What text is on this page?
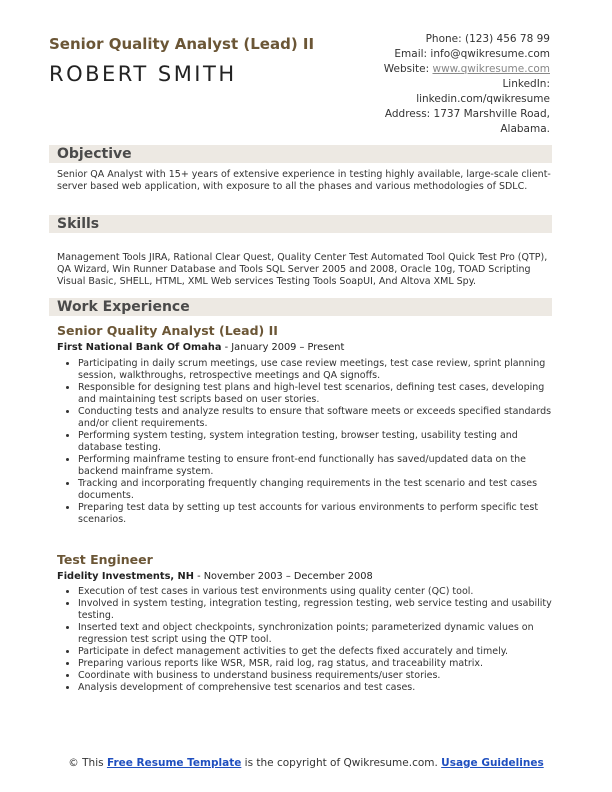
Senior Quality Analyst (Lead) II
ROBERT SMITH
Phone: (123) 456 78 99
Email: info@qwikresume.com
Website: www.qwikresume.com
LinkedIn:
linkedin.com/qwikresume
Address: 1737 Marshville Road,
Alabama.
Objective
Senior QA Analyst with 15+ years of extensive experience in testing highly available, large-scale client-server based web application, with exposure to all the phases and various methodologies of SDLC.
Skills
Management Tools JIRA, Rational Clear Quest, Quality Center Test Automated Tool Quick Test Pro (QTP), QA Wizard, Win Runner Database and Tools SQL Server 2005 and 2008, Oracle 10g, TOAD Scripting Visual Basic, SHELL, HTML, XML Web services Testing Tools SoapUI, And Altova XML Spy.
Work Experience
Senior Quality Analyst (Lead) II
First National Bank Of Omaha - January 2009 – Present
• Participating in daily scrum meetings, use case review meetings, test case review, sprint planning session, walkthroughs, retrospective meetings and QA signoffs.
• Responsible for designing test plans and high-level test scenarios, defining test cases, developing and maintaining test scripts based on user stories.
• Conducting tests and analyze results to ensure that software meets or exceeds specified standards and/or client requirements.
• Performing system testing, system integration testing, browser testing, usability testing and database testing.
• Performing mainframe testing to ensure front-end functionally has saved/updated data on the backend mainframe system.
• Tracking and incorporating frequently changing requirements in the test scenario and test cases documents.
• Preparing test data by setting up test accounts for various environments to perform specific test scenarios.
Test Engineer
Fidelity Investments, NH - November 2003 – December 2008
• Execution of test cases in various test environments using quality center (QC) tool.
• Involved in system testing, integration testing, regression testing, web service testing and usability testing.
• Inserted text and object checkpoints, synchronization points; parameterized dynamic values on regression test script using the QTP tool.
• Participate in defect management activities to get the defects fixed accurately and timely.
• Preparing various reports like WSR, MSR, raid log, rag status, and traceability matrix.
• Coordinate with business to understand business requirements/user stories.
• Analysis development of comprehensive test scenarios and test cases.
© This Free Resume Template is the copyright of Qwikresume.com. Usage Guidelines
